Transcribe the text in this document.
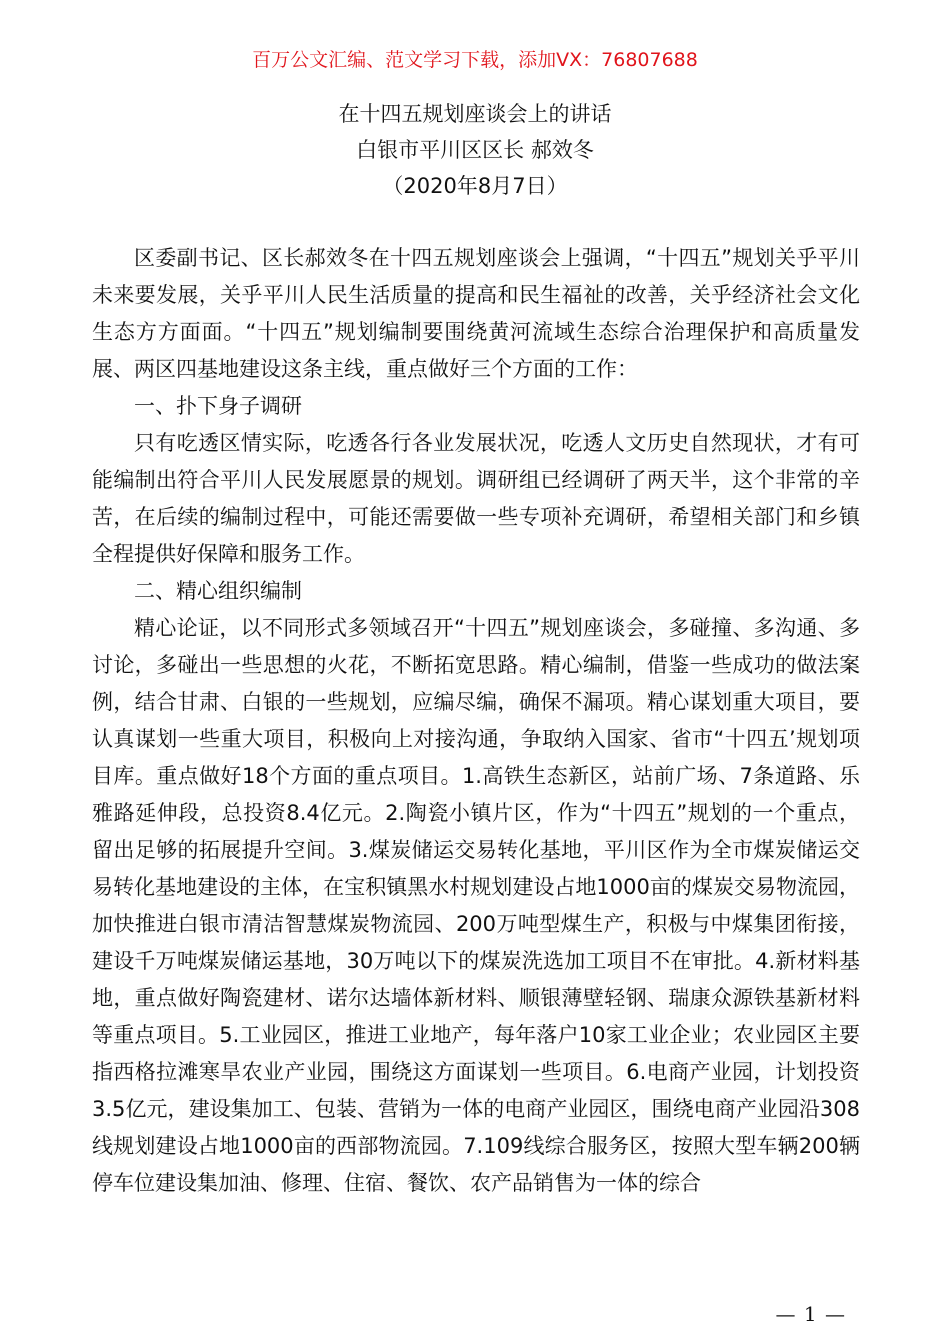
百万公文汇编、范文学习下载，添加VX：76807688
在十四五规划座谈会上的讲话
白银市平川区区长 郝效冬
（2020年8月7日）

区委副书记、区长郝效冬在十四五规划座谈会上强调，“十四五”规划关乎平川未来要发展，关乎平川人民生活质量的提高和民生福祉的改善，关乎经济社会文化生态方方面面。“十四五”规划编制要围绕黄河流域生态综合治理保护和高质量发展、两区四基地建设这条主线，重点做好三个方面的工作：

一、扑下身子调研

只有吃透区情实际，吃透各行各业发展状况，吃透人文历史自然现状，才有可能编制出符合平川人民发展愿景的规划。调研组已经调研了两天半，这个非常的辛苦，在后续的编制过程中，可能还需要做一些专项补充调研，希望相关部门和乡镇全程提供好保障和服务工作。

二、精心组织编制

精心论证，以不同形式多领域召开“十四五”规划座谈会，多碰撞、多沟通、多讨论，多碰出一些思想的火花，不断拓宽思路。精心编制，借鉴一些成功的做法案例，结合甘肃、白银的一些规划，应编尽编，确保不漏项。精心谋划重大项目，要认真谋划一些重大项目，积极向上对接沟通，争取纳入国家、省市“十四五’规划项目库。重点做好18个方面的重点项目。1.高铁生态新区，站前广场、7条道路、乐雅路延伸段，总投资8.4亿元。2.陶瓷小镇片区，作为“十四五”规划的一个重点，留出足够的拓展提升空间。3.煤炭储运交易转化基地，平川区作为全市煤炭储运交易转化基地建设的主体，在宝积镇黑水村规划建设占地1000亩的煤炭交易物流园，加快推进白银市清洁智慧煤炭物流园、200万吨型煤生产，积极与中煤集团衔接，建设千万吨煤炭储运基地，30万吨以下的煤炭洗选加工项目不在审批。4.新材料基地，重点做好陶瓷建材、诺尔达墙体新材料、顺银薄壁轻钢、瑞康众源铁基新材料等重点项目。5.工业园区，推进工业地产，每年落户10家工业企业；农业园区主要指西格拉滩寒旱农业产业园，围绕这方面谋划一些项目。6.电商产业园，计划投资3.5亿元，建设集加工、包装、营销为一体的电商产业园区，围绕电商产业园沿308线规划建设占地1000亩的西部物流园。7.109线综合服务区，按照大型车辆200辆停车位建设集加油、修理、住宿、餐饮、农产品销售为一体的综合

— 1 —
